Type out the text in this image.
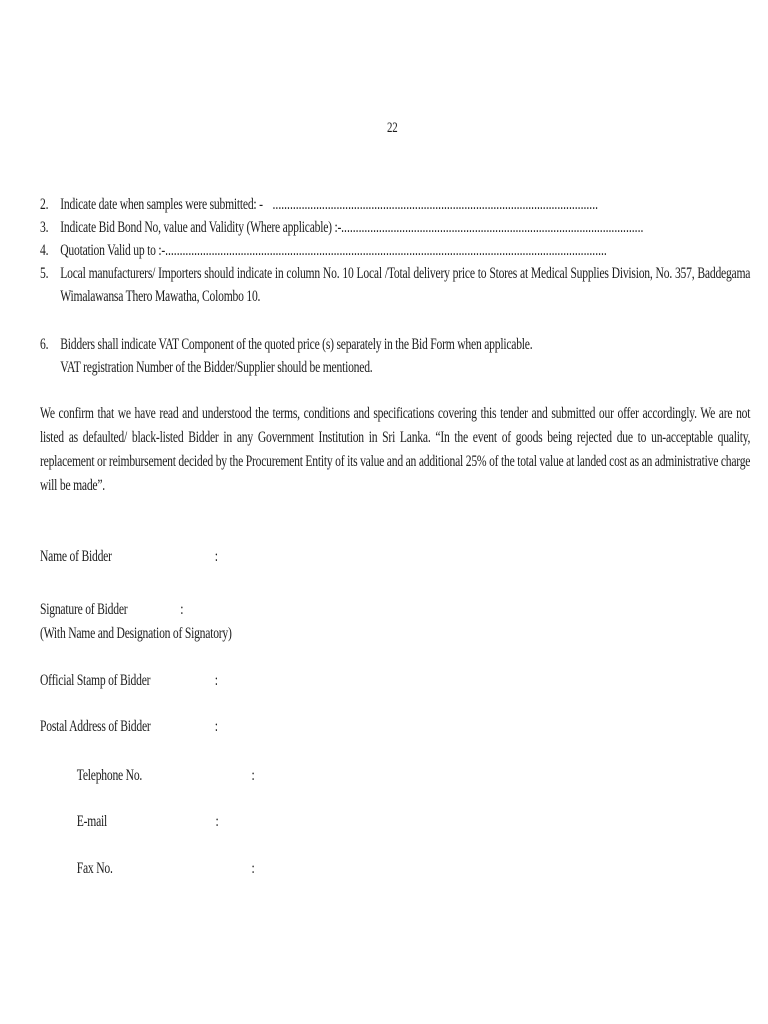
22
2. Indicate date when samples were submitted: - ................................................................................................................
3. Indicate Bid Bond No, value and Validity (Where applicable) :-........................................................................................................
4. Quotation Valid up to :-........................................................................................................................................................
5. Local manufacturers/ Importers should indicate in column No. 10 Local /Total delivery price to Stores at Medical Supplies Division, No. 357, Baddegama Wimalawansa Thero Mawatha, Colombo 10.
6. Bidders shall indicate VAT Component of the quoted price (s) separately in the Bid Form when applicable.
VAT registration Number of the Bidder/Supplier should be mentioned.
We confirm that we have read and understood the terms, conditions and specifications covering this tender and submitted our offer accordingly. We are not listed as defaulted/ black-listed Bidder in any Government Institution in Sri Lanka. “In the event of goods being rejected due to un-acceptable quality, replacement or reimbursement decided by the Procurement Entity of its value and an additional 25% of the total value at landed cost as an administrative charge will be made”.
Name of Bidder	:
Signature of Bidder	:
(With Name and Designation of Signatory)
Official Stamp of Bidder	:
Postal Address of Bidder	:
Telephone No.	:
E-mail	:
Fax No.	:
